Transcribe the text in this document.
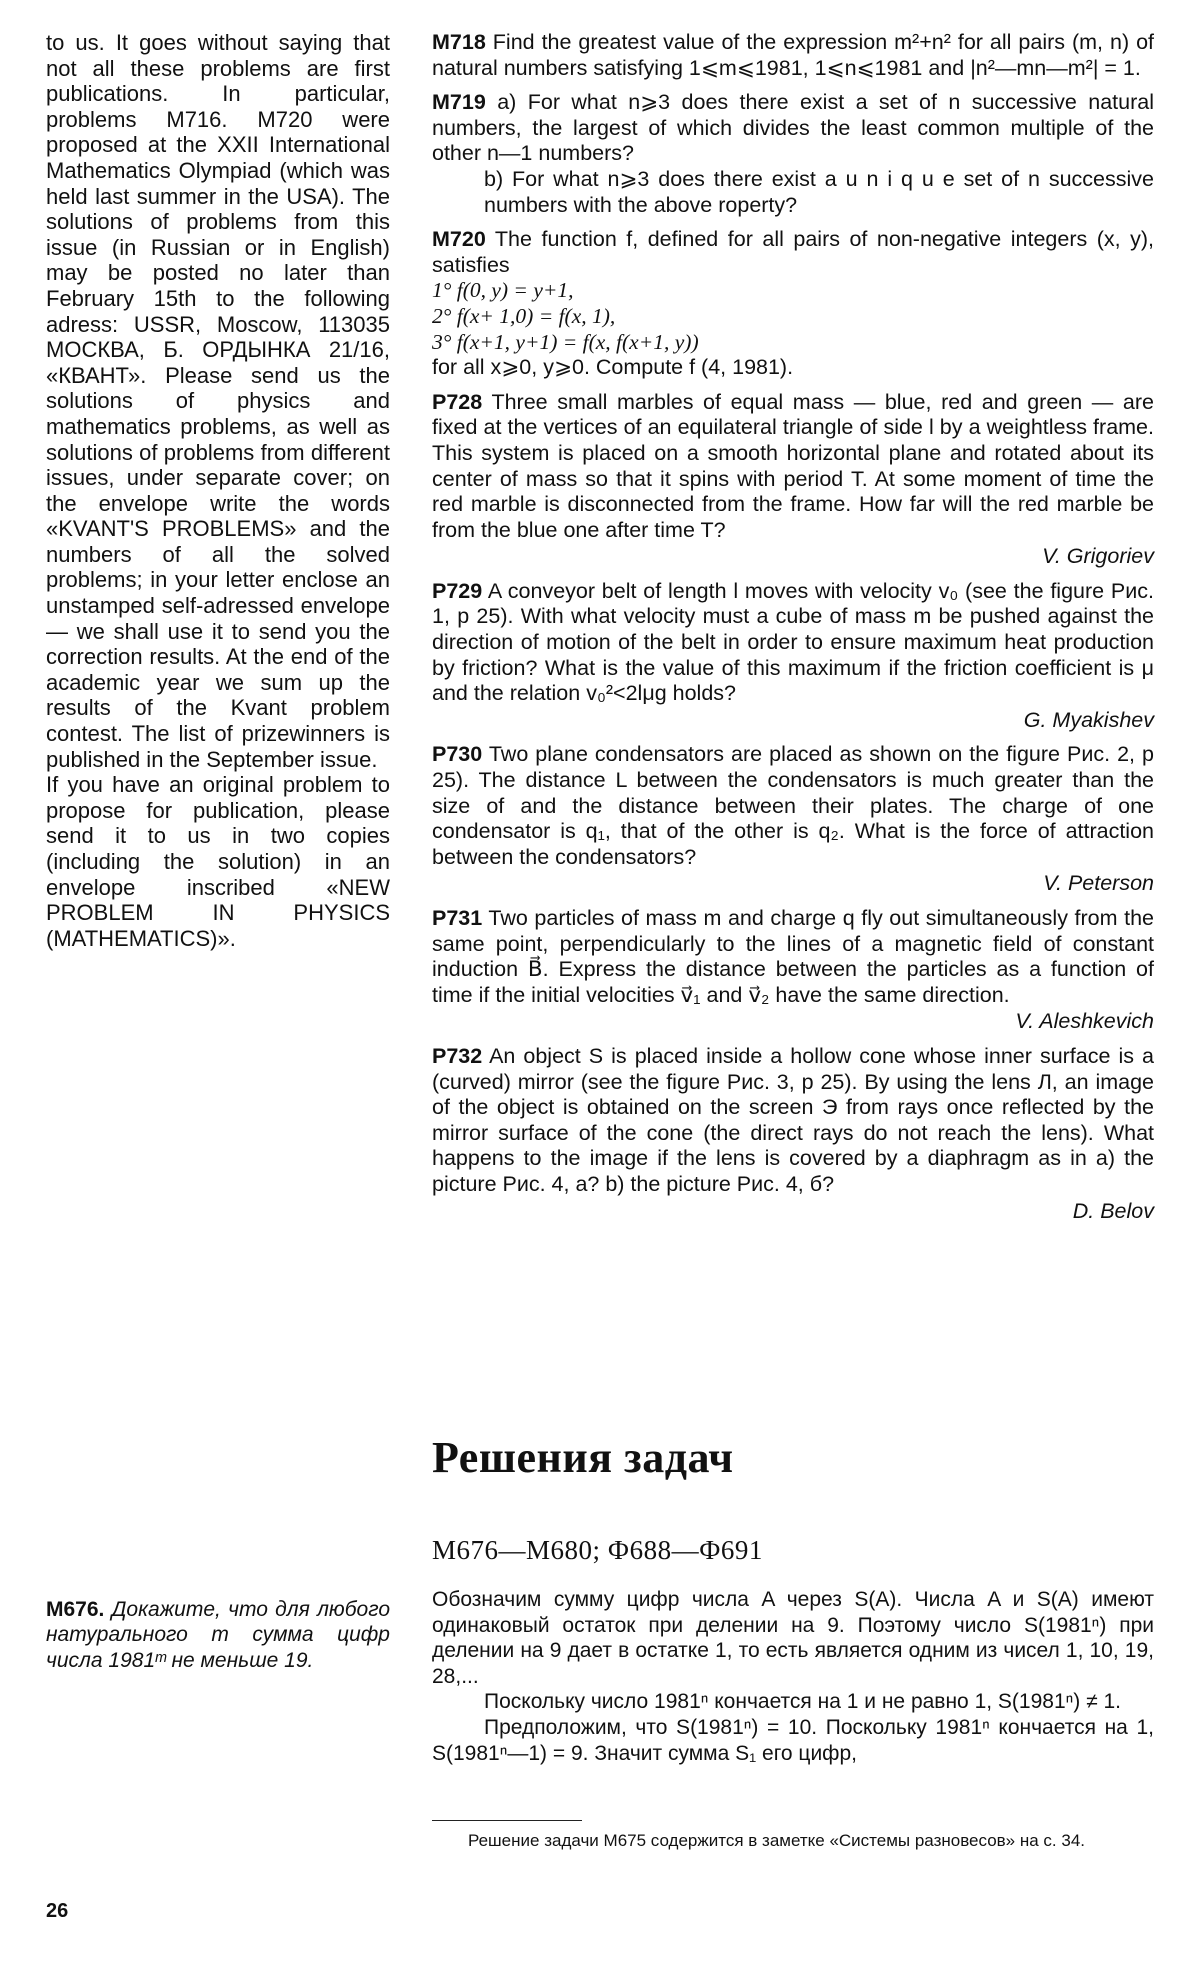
to us. It goes without saying that not all these problems are first publications. In particular, problems M716. M720 were proposed at the XXII International Mathematics Olympiad (which was held last summer in the USA). The solutions of problems from this issue (in Russian or in English) may be posted no later than February 15th to the following adress: USSR, Moscow, 113035 МОСКВА, Б. ОРДЫНКА 21/16, «КВАНТ». Please send us the solutions of physics and mathematics problems, as well as solutions of problems from different issues, under separate cover; on the envelope write the words «KVANT'S PROBLEMS» and the numbers of all the solved problems; in your letter enclose an unstamped self-adressed envelope — we shall use it to send you the correction results. At the end of the academic year we sum up the results of the Kvant problem contest. The list of prizewinners is published in the September issue.

If you have an original problem to propose for publication, please send it to us in two copies (including the solution) in an envelope inscribed «NEW PROBLEM IN PHYSICS (MATHEMATICS)».

M718 Find the greatest value of the expression m²+n² for all pairs (m, n) of natural numbers satisfying 1⩽m⩽1981, 1⩽n⩽1981 and |n²—mn—m²| = 1.
M719 a) For what n⩾3 does there exist a set of n successive natural numbers, the largest of which divides the least common multiple of the other n—1 numbers?
b) For what n⩾3 does there exist a u n i q u e set of n successive numbers with the above roperty?
M720 The function f, defined for all pairs of non-negative integers (x, y), satisfies
1° f(0, y) = y+1,
2° f(x+ 1,0) = f(x, 1),
3° f(x+1, y+1) = f(x, f(x+1, y))
for all x⩾0, y⩾0. Compute f (4, 1981).
P728 Three small marbles of equal mass — blue, red and green — are fixed at the vertices of an equilateral triangle of side l by a weightless frame. This system is placed on a smooth horizontal plane and rotated about its center of mass so that it spins with period T. At some moment of time the red marble is disconnected from the frame. How far will the red marble be from the blue one after time T?
V. Grigoriev
P729 A conveyor belt of length l moves with velocity v₀ (see the figure Рис. 1, p 25). With what velocity must a cube of mass m be pushed against the direction of motion of the belt in order to ensure maximum heat production by friction? What is the value of this maximum if the friction coefficient is μ and the relation v₀²<2lμg holds?
G. Myakishev
P730 Two plane condensators are placed as shown on the figure Рис. 2, p 25). The distance L between the condensators is much greater than the size of and the distance between their plates. The charge of one condensator is q₁, that of the other is q₂. What is the force of attraction between the condensators?
V. Peterson
P731 Two particles of mass m and charge q fly out simultaneously from the same point, perpendicularly to the lines of a magnetic field of constant induction B⃗. Express the distance between the particles as a function of time if the initial velocities v⃗₁ and v⃗₂ have the same direction.
V. Aleshkevich
P732 An object S is placed inside a hollow cone whose inner surface is a (curved) mirror (see the figure Рис. 3, p 25). By using the lens Л, an image of the object is obtained on the screen Э from rays once reflected by the mirror surface of the cone (the direct rays do not reach the lens). What happens to the image if the lens is covered by a diaphragm as in a) the picture Рис. 4, а? b) the picture Рис. 4, б?
D. Belov
Решения задач
М676—М680; Ф688—Ф691
М676. Докажите, что для любого натурального m сумма цифр числа 1981ᵐ не меньше 19.

Обозначим сумму цифр числа A через S(A). Числа A и S(A) имеют одинаковый остаток при делении на 9. Поэтому число S(1981ⁿ) при делении на 9 дает в остатке 1, то есть является одним из чисел 1, 10, 19, 28,...

Поскольку число 1981ⁿ кончается на 1 и не равно 1, S(1981ⁿ) ≠ 1.

Предположим, что S(1981ⁿ) = 10. Поскольку 1981ⁿ кончается на 1, S(1981ⁿ—1) = 9. Значит сумма S₁ его цифр,

Решение задачи М675 содержится в заметке «Системы разновесов» на с. 34.
26
